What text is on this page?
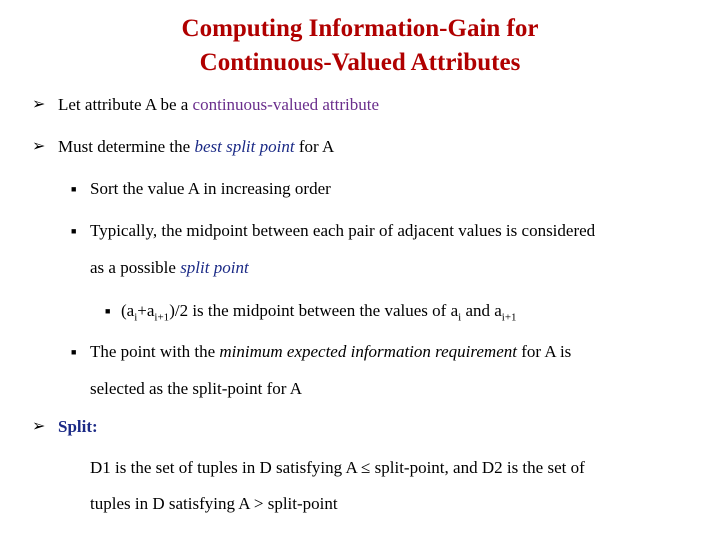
Computing Information-Gain for
Continuous-Valued Attributes
➢ Let attribute A be a continuous-valued attribute
➢ Must determine the best split point for A
■ Sort the value A in increasing order
■ Typically, the midpoint between each pair of adjacent values is considered
as a possible split point
■ $(a_i+a_{i+1})/2$ is the midpoint between the values of $a_i$ and $a_{i+1}$
■ The point with the minimum expected information requirement for A is
selected as the split-point for A
➢ Split:
D1 is the set of tuples in D satisfying A ≤ split-point, and D2 is the set of
tuples in D satisfying A > split-point
